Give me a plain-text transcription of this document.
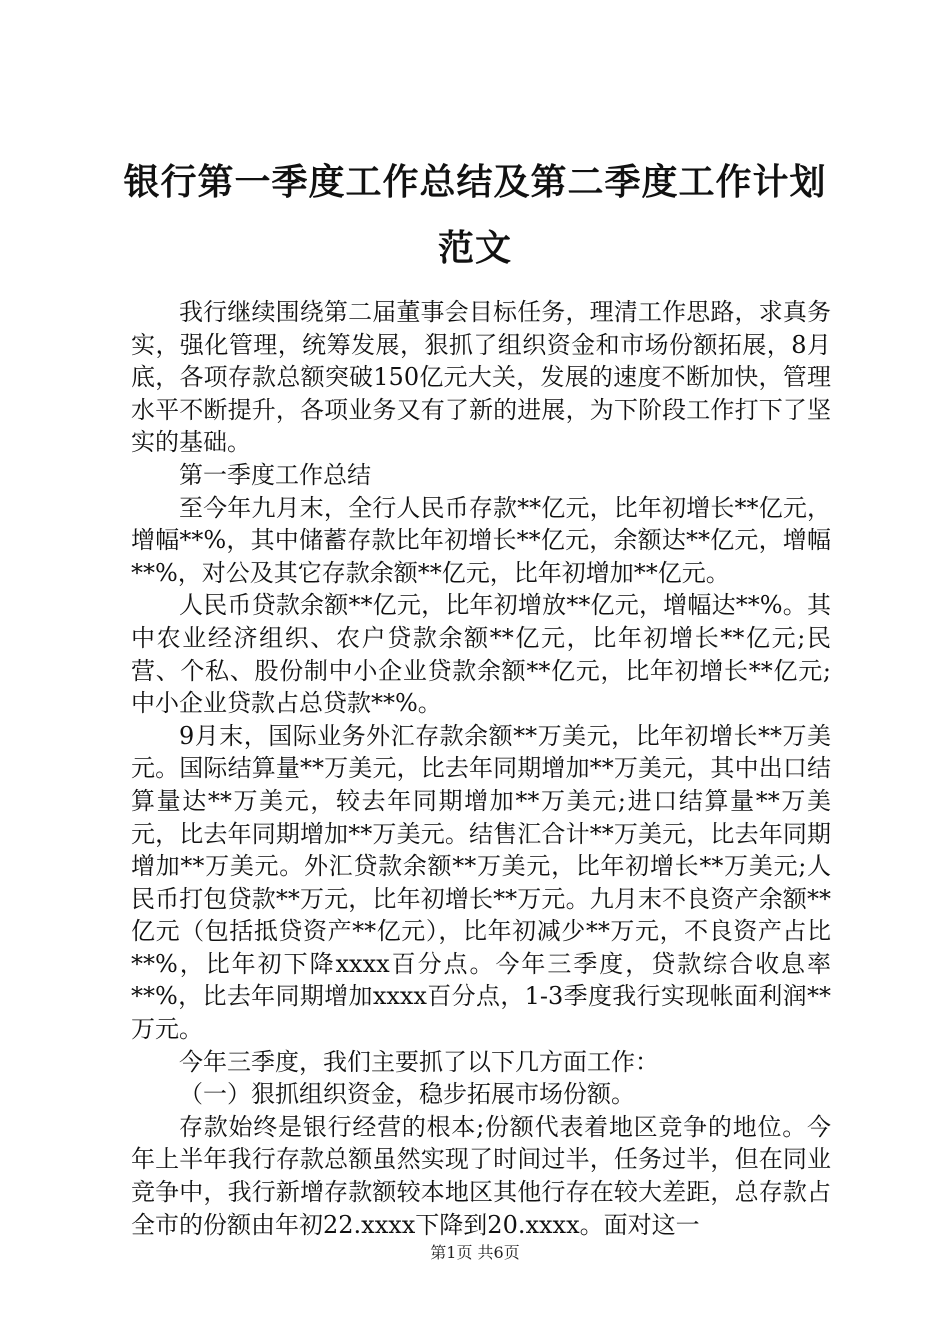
银行第一季度工作总结及第二季度工作计划范文

我行继续围绕第二届董事会目标任务，理清工作思路，求真务实，强化管理，统筹发展，狠抓了组织资金和市场份额拓展，8月底，各项存款总额突破150亿元大关，发展的速度不断加快，管理水平不断提升，各项业务又有了新的进展，为下阶段工作打下了坚实的基础。

第一季度工作总结

至今年九月末，全行人民币存款**亿元，比年初增长**亿元，增幅**%，其中储蓄存款比年初增长**亿元，余额达**亿元，增幅**%，对公及其它存款余额**亿元，比年初增加**亿元。

人民币贷款余额**亿元，比年初增放**亿元，增幅达**%。其中农业经济组织、农户贷款余额**亿元，比年初增长**亿元;民营、个私、股份制中小企业贷款余额**亿元，比年初增长**亿元;中小企业贷款占总贷款**%。

9月末，国际业务外汇存款余额**万美元，比年初增长**万美元。国际结算量**万美元，比去年同期增加**万美元，其中出口结算量达**万美元，较去年同期增加**万美元;进口结算量**万美元，比去年同期增加**万美元。结售汇合计**万美元，比去年同期增加**万美元。外汇贷款余额**万美元，比年初增长**万美元;人民币打包贷款**万元，比年初增长**万元。九月末不良资产余额**亿元（包括抵贷资产**亿元），比年初减少**万元，不良资产占比**%，比年初下降xxxx百分点。今年三季度，贷款综合收息率**%，比去年同期增加xxxx百分点，1-3季度我行实现帐面利润**万元。

今年三季度，我们主要抓了以下几方面工作：

（一）狠抓组织资金，稳步拓展市场份额。

存款始终是银行经营的根本;份额代表着地区竞争的地位。今年上半年我行存款总额虽然实现了时间过半，任务过半，但在同业竞争中，我行新增存款额较本地区其他行存在较大差距，总存款占全市的份额由年初22.xxxx下降到20.xxxx。面对这一

第1页 共6页
